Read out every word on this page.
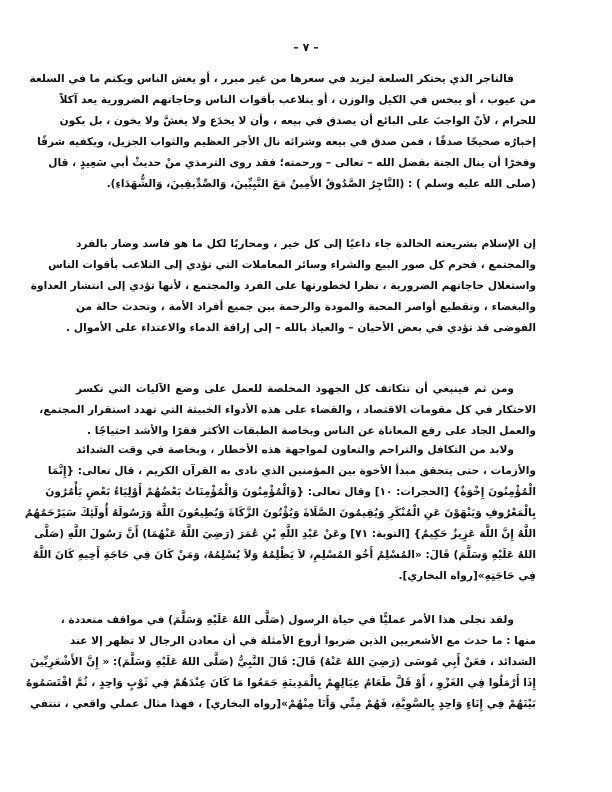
– ٧ –
فالتاجر الذي يحتكر السلعة ليزيد في سعرها من غير مبرر ، أو يغش الناس ويكتم ما في السلعة
من عيوب ، أو يبخس في الكيل والوزن ، أو يتلاعب بأقوات الناس وحاجاتهم الضرورية يعد آكلاً
للحرام ، لأنّ الواجبَ على البائع أن يصدق في بيعه ، وأن لا يخدَع ولا يغشَّ ولا يخون ، بل يكون
إخبارُه صحيحًا صدقًا ، فمن صدق في بيعه وشرائه نال الأجر العظيم والثواب الجزيل، ويكفيه شرفًا
وفخرًا أن ينال الجنة بفضل الله – تعالى – ورحمته؛ فقد روى الترمذي منْ حديثْ أبي سَعِيدٍ ، قال
(صلى الله عليه وسلم ) : (التَّاجِرُ الصَّدُوقُ الأَمِينُ مَعَ النَّبِيِّينَ، وَالصِّدِّيقِينَ، وَالشُّهَدَاءِ).
إن الإسلام بشريعته الخالدة جاء داعيًا إلى كل خير ، ومحاربًا لكل ما هو فاسد وضار بالفرد
والمجتمع ، فحرم كل صور البيع والشراء وسائر المعاملات التي تؤدي إلى التلاعب بأقوات الناس
واستغلال حاجاتهم الضرورية ، نظرا لخطورتها على الفرد والمجتمع ، لأنها تؤدي إلى انتشار العداوة
والبغضاء ، وتقطيع أواصر المحبة والمودة والرحمة بين جميع أفراد الأمة ، وتحدث حالة من
الفوضى قد تؤدي في بعض الأحيان – والعياذ بالله – إلى إراقة الدماء والاعتداء على الأموال .
ومن ثم فينبغي أن تتكاتف كل الجهود المخلصة للعمل على وضع الآليات التي تكسر
الاحتكار في كل مقومات الاقتصاد ، والقضاء على هذه الأدواء الخبيثة التي تهدد استقرار المجتمع،
والعمل الجاد على رفع المعاناة عن الناس وبخاصة الطبقات الأكثر فقرًا والأشد احتياجًا .
ولابد من التكافل والتراحم والتعاون لمواجهة هذه الأخطار ، وبخاصة في وقت الشدائد
والأزمات ، حتى يتحقق مبدأ الأخوة بين المؤمنين الذي نادى به القرآن الكريم ، قال تعالى: {إِنَّمَا
الْمُؤْمِنُونَ إِخْوَةٌ} [الحجرات: ١٠] وقال تعالى: {وَالْمُؤْمِنُونَ وَالْمُؤْمِنَاتُ بَعْضُهُمْ أَوْلِيَاءُ بَعْضٍ يَأْمُرُونَ
بِالْمَعْرُوفِ وَيَنْهَوْنَ عَنِ الْمُنْكَرِ وَيُقِيمُونَ الصَّلَاةَ وَيُؤْتُونَ الزَّكَاةَ وَيُطِيعُونَ اللَّهَ وَرَسُولَهُ أُولَئِكَ سَيَرْحَمُهُمُ
اللَّهُ إِنَّ اللَّهَ عَزِيزٌ حَكِيمٌ} [التوبة: ٧١] وعَنْ عَبْدِ اللَّهِ بْنِ عُمَرَ (رَضِيَ اللَّهُ عَنْهُمَا) أَنَّ رَسُولَ اللَّهِ (صَلَّى
اللهُ عَلَيْهِ وَسَلَّمَ) قَالَ: «المُسْلِمُ أَخُو المُسْلِمِ، لاَ يَظْلِمُهُ وَلاَ يُسْلِمُهُ، وَمَنْ كَانَ فِي حَاجَةِ أَخِيهِ كَانَ اللَّهُ
فِي حَاجَتِهِ»[رواه البخاري].
ولقد تجلى هذا الأمر عمليًّا في حياة الرسول (صَلَّى اللهُ عَلَيْهِ وَسَلَّمَ) في مواقف متعددة ،
منها : ما حدث مع الأشعريين الذين ضربوا أروع الأمثلة في أن معادن الرجال لا تظهر إلا عند
الشدائد ، فعَنْ أَبِي مُوسَى (رَضِيَ اللهُ عَنْهُ) قَالَ: قَالَ النَّبِيُّ (صَلَّى اللهُ عَلَيْهِ وَسَلَّمَ): « إِنَّ الأَشْعَرِيِّينَ
إِذَا أَرْمَلُوا فِي الغَزْوِ ، أَوْ قَلَّ طَعَامُ عِيَالِهِمْ بِالْمَدِينَةِ جَمَعُوا مَا كَانَ عِنْدَهُمْ فِي ثَوْبٍ وَاحِدٍ ، ثُمَّ اقْتَسَمُوهُ
بَيْنَهُمْ فِي إِنَاءٍ وَاحِدٍ بِالسَّوِيَّةِ، فَهُمْ مِنِّي وَأَنَا مِنْهُمْ»[رواه البخاري] ، فهذا مثال عملي واقعي ، تنتفي
